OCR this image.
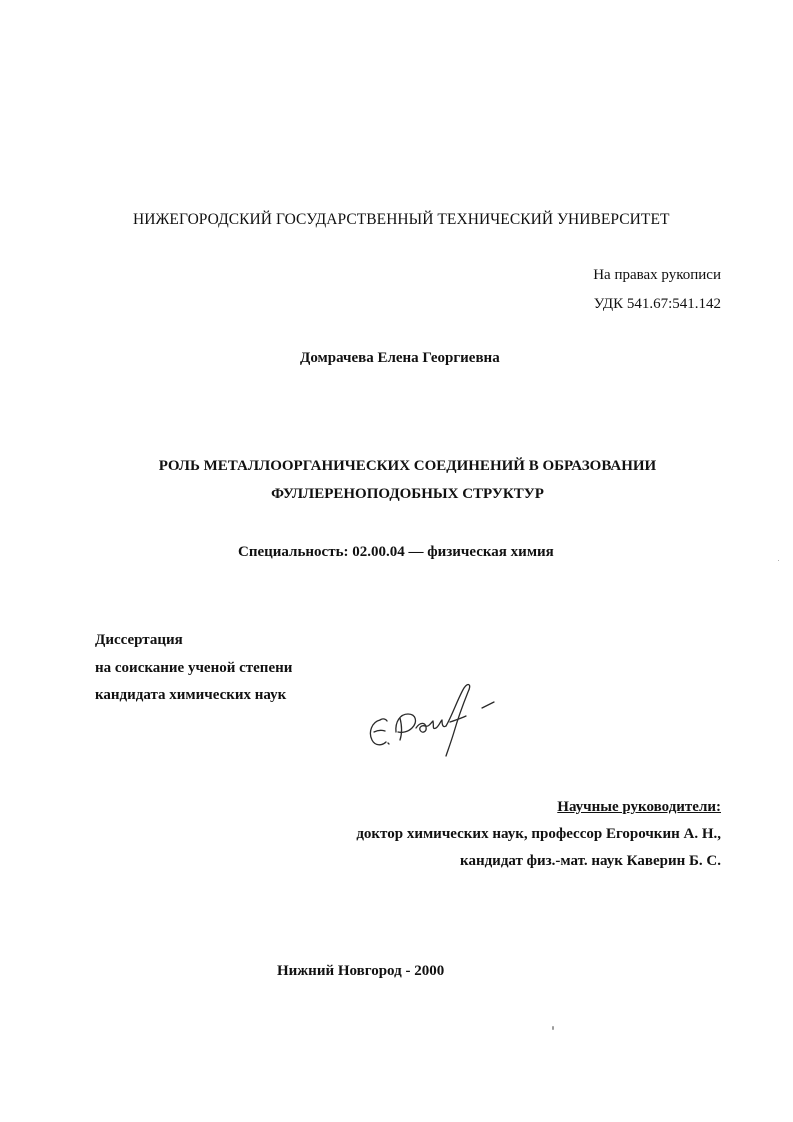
НИЖЕГОРОДСКИЙ ГОСУДАРСТВЕННЫЙ ТЕХНИЧЕСКИЙ УНИВЕРСИТЕТ
На правах рукописи
УДК 541.67:541.142
Домрачева Елена Георгиевна
РОЛЬ МЕТАЛЛООРГАНИЧЕСКИХ СОЕДИНЕНИЙ В ОБРАЗОВАНИИ
ФУЛЛЕРЕНОПОДОБНЫХ СТРУКТУР
Специальность: 02.00.04 — физическая химия
Диссертация
на соискание ученой степени
кандидата химических наук
Научные руководители:
доктор химических наук, профессор Егорочкин А. Н.,
кандидат физ.-мат. наук Каверин Б. С.
Нижний Новгород - 2000
